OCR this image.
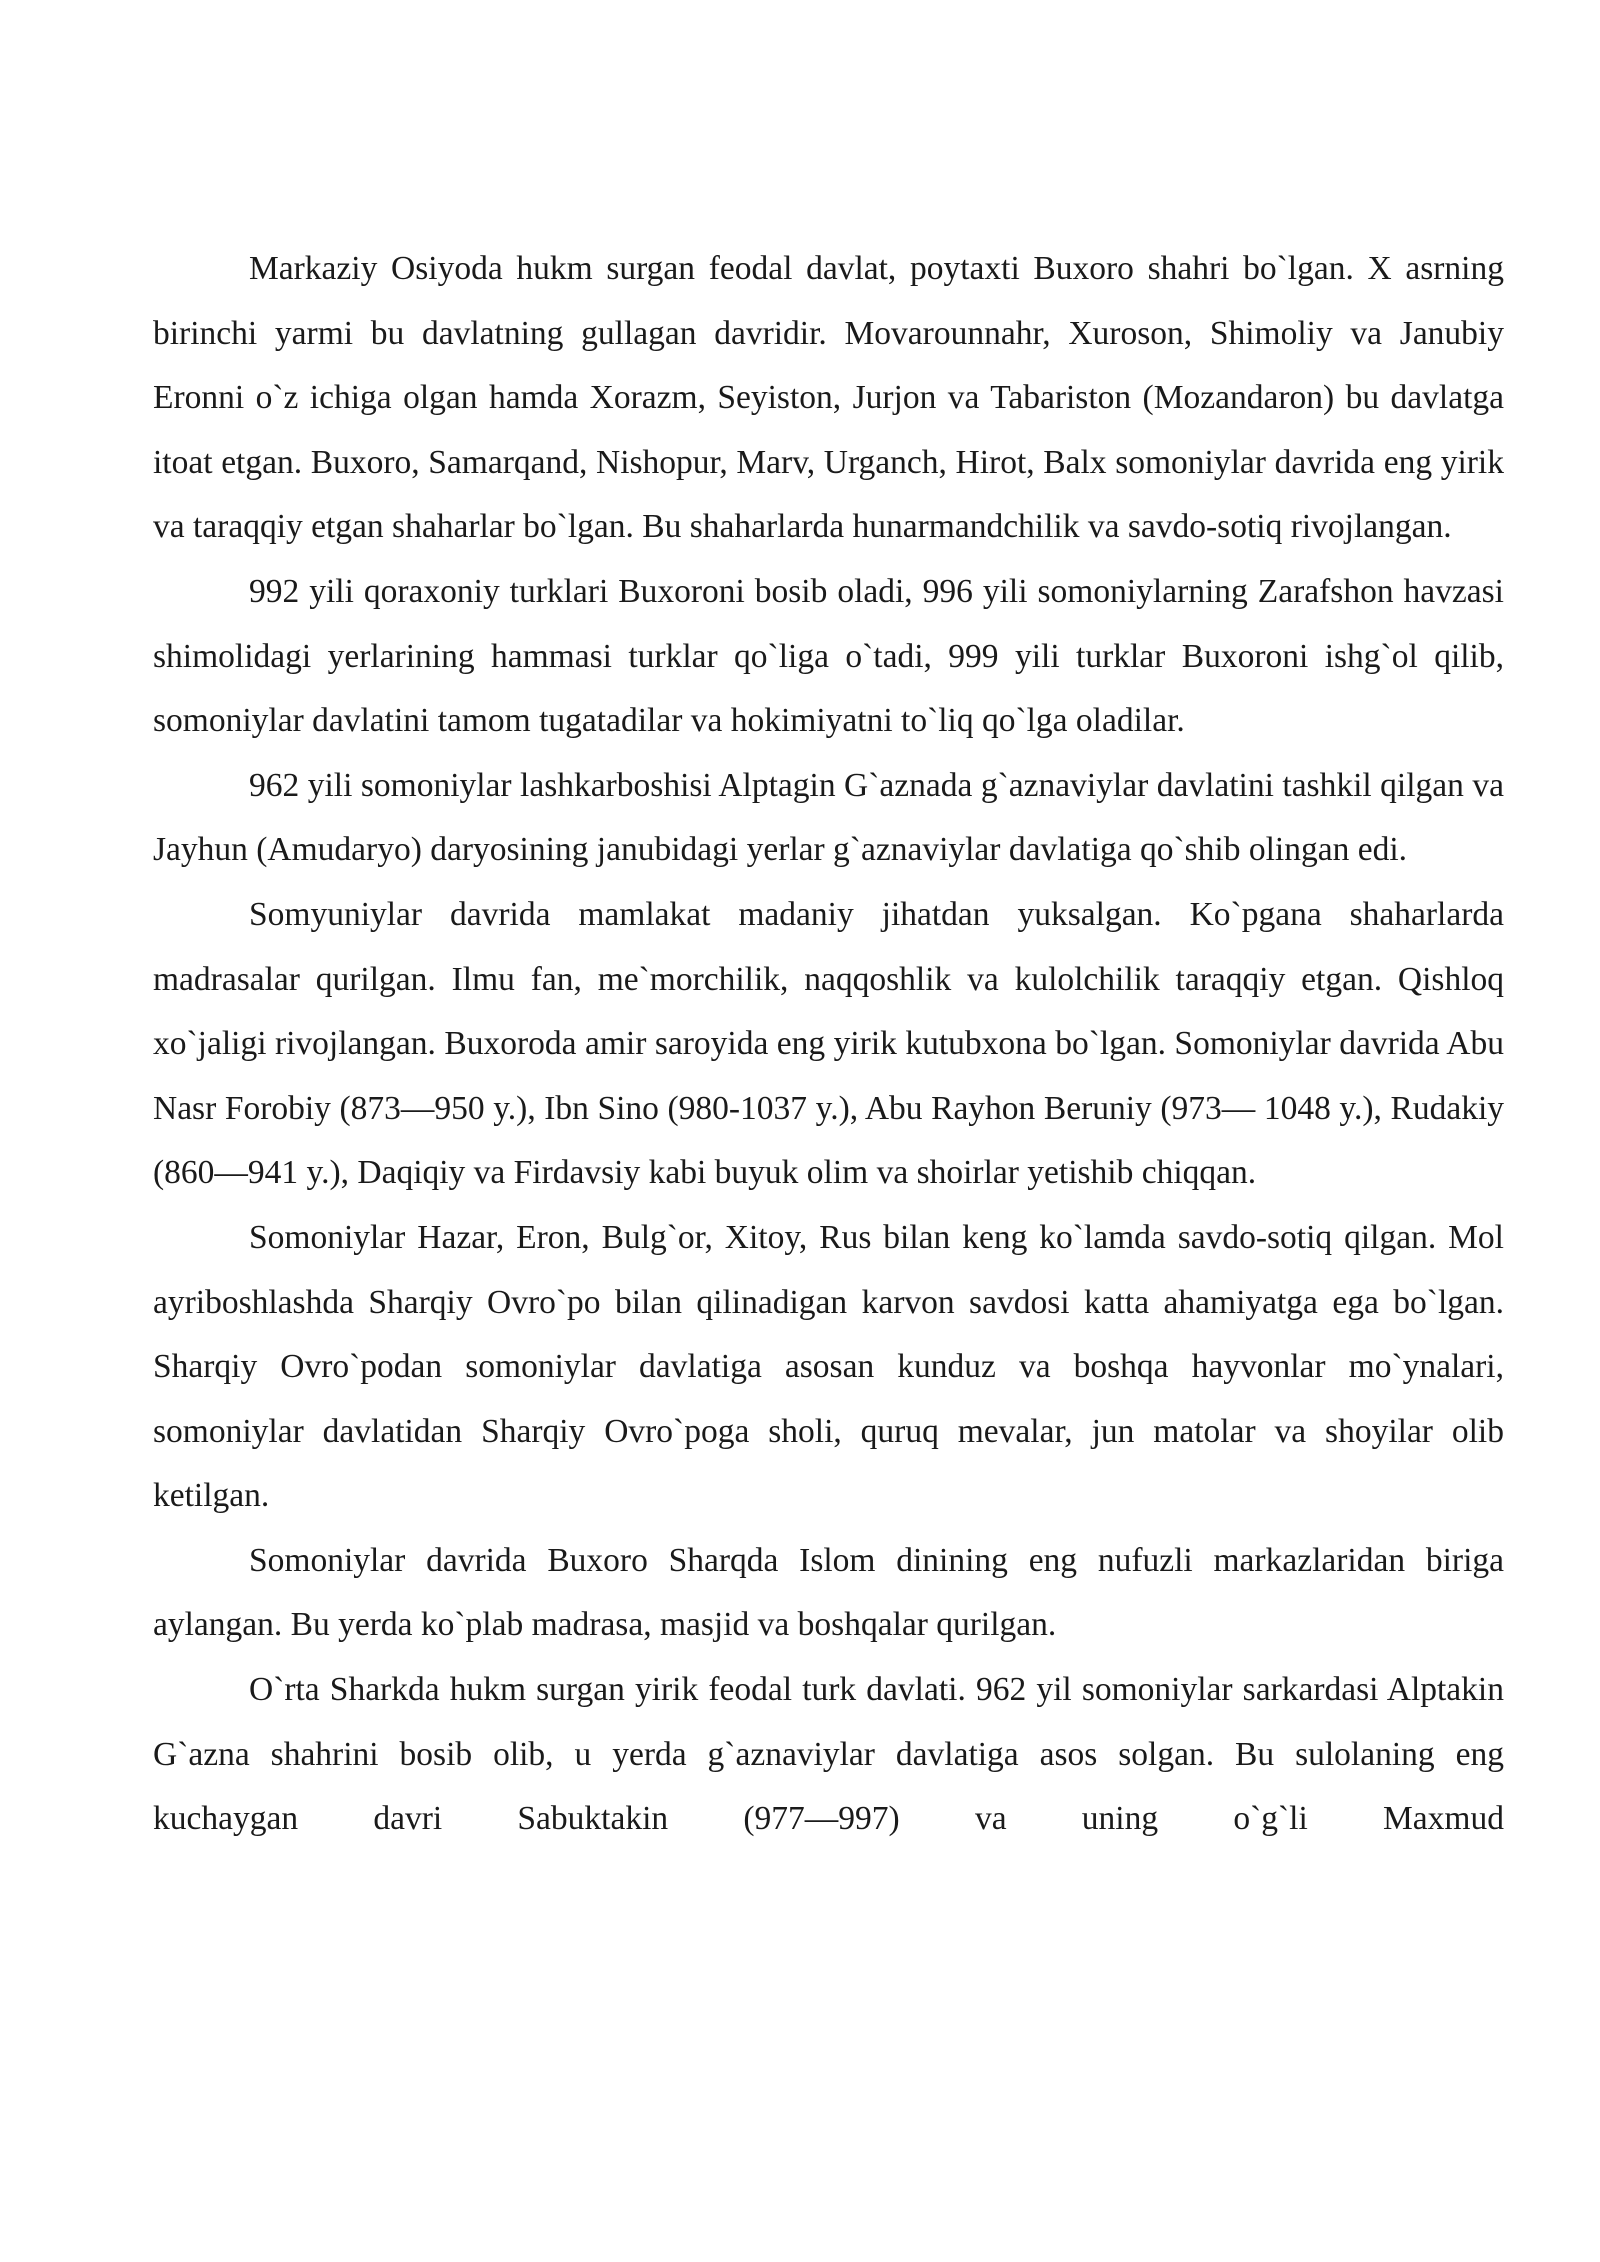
Markaziy Osiyoda hukm surgan feodal davlat, poytaxti Buxoro shahri bo`lgan. X asrning birinchi yarmi bu davlatning gullagan davridir. Movarounnahr, Xuroson, Shimoliy va Janubiy Eronni o`z ichiga olgan hamda Xorazm, Seyiston, Jurjon va Tabariston (Mozandaron) bu davlatga itoat etgan. Buxoro, Samarqand, Nishopur, Marv, Urganch, Hirot, Balx somoniylar davrida eng yirik va taraqqiy etgan shaharlar bo`lgan. Bu shaharlarda hunarmandchilik va savdo-sotiq rivojlangan.

992 yili qoraxoniy turklari Buxoroni bosib oladi, 996 yili somoniylarning Zarafshon havzasi shimolidagi yerlarining hammasi turklar qo`liga o`tadi, 999 yili turklar Buxoroni ishg`ol qilib, somoniylar davlatini tamom tugatadilar va hokimiyatni to`liq qo`lga oladilar.

962 yili somoniylar lashkarboshisi Alptagin G`aznada g`aznaviylar davlatini tashkil qilgan va Jayhun (Amudaryo) daryosining janubidagi yerlar g`aznaviylar davlatiga qo`shib olingan edi.

Somyuniylar davrida mamlakat madaniy jihatdan yuksalgan. Ko`pgana shaharlarda madrasalar qurilgan. Ilmu fan, me`morchilik, naqqoshlik va kulolchilik taraqqiy etgan. Qishloq xo`jaligi rivojlangan. Buxoroda amir saroyida eng yirik kutubxona bo`lgan. Somoniylar davrida Abu Nasr Forobiy (873—950 y.), Ibn Sino (980-1037 y.), Abu Rayhon Beruniy (973— 1048 y.), Rudakiy (860—941 y.), Daqiqiy va Firdavsiy kabi buyuk olim va shoirlar yetishib chiqqan.

Somoniylar Hazar, Eron, Bulg`or, Xitoy, Rus bilan keng ko`lamda savdo-sotiq qilgan. Mol ayriboshlashda Sharqiy Ovro`po bilan qilinadigan karvon savdosi katta ahamiyatga ega bo`lgan. Sharqiy Ovro`podan somoniylar davlatiga asosan kunduz va boshqa hayvonlar mo`ynalari, somoniylar davlatidan Sharqiy Ovro`poga sholi, quruq mevalar, jun matolar va shoyilar olib ketilgan.

Somoniylar davrida Buxoro Sharqda Islom dinining eng nufuzli markazlaridan biriga aylangan. Bu yerda ko`plab madrasa, masjid va boshqalar qurilgan.

O`rta Sharkda hukm surgan yirik feodal turk davlati. 962 yil somoniylar sarkardasi Alptakin G`azna shahrini bosib olib, u yerda g`aznaviylar davlatiga asos solgan. Bu sulolaning eng kuchaygan davri Sabuktakin (977—997) va uning o`g`li Maxmud
